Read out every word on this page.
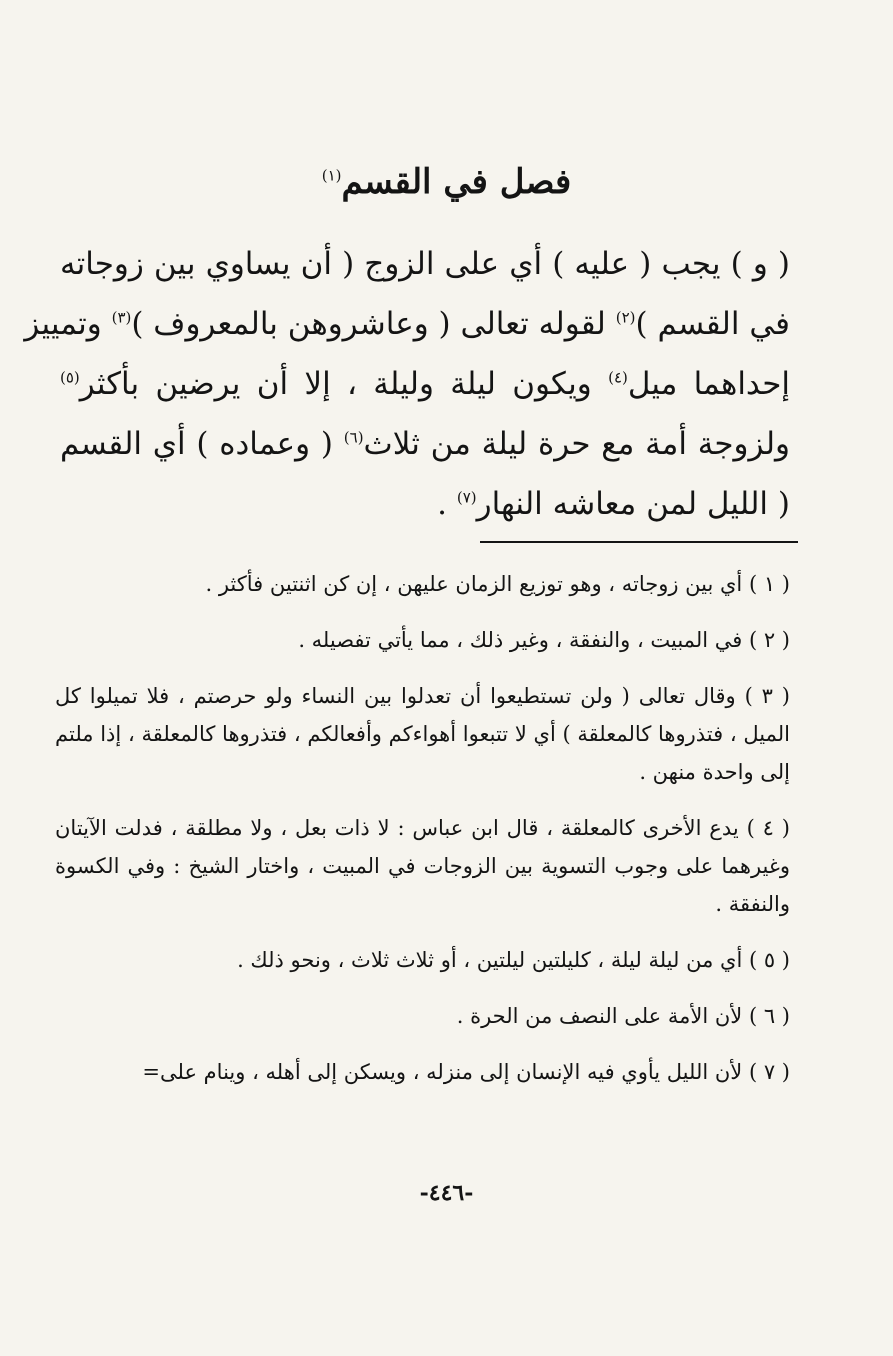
فصل في القسم$^{(١)}$
( و ) يجب ( عليه ) أي على الزوج ( أن يساوي بين زوجاته
في القسم )$^{(٢)}$ لقوله تعالى ( وعاشروهن بالمعروف )$^{(٣)}$ وتمييز
إحداهما ميل$^{(٤)}$ ويكون ليلة وليلة ، إلا أن يرضين بأكثر$^{(٥)}$
ولزوجة أمة مع حرة ليلة من ثلاث$^{(٦)}$ ( وعماده ) أي القسم
( الليل لمن معاشه النهار$^{(٧)}$ .

( ١ ) أي بين زوجاته ، وهو توزيع الزمان عليهن ، إن كن اثنتين فأكثر .

( ٢ ) في المبيت ، والنفقة ، وغير ذلك ، مما يأتي تفصيله .

( ٣ ) وقال تعالى ( ولن تستطيعوا أن تعدلوا بين النساء ولو حرصتم ، فلا تميلوا كل الميل ، فتذروها كالمعلقة ) أي لا تتبعوا أهواءكم وأفعالكم ، فتذروها كالمعلقة ، إذا ملتم إلى واحدة منهن .

( ٤ ) يدع الأخرى كالمعلقة ، قال ابن عباس : لا ذات بعل ، ولا مطلقة ، فدلت الآيتان وغيرهما على وجوب التسوية بين الزوجات في المبيت ، واختار الشيخ : وفي الكسوة والنفقة .

( ٥ ) أي من ليلة ليلة ، كليلتين ليلتين ، أو ثلاث ثلاث ، ونحو ذلك .

( ٦ ) لأن الأمة على النصف من الحرة .

( ٧ ) لأن الليل يأوي فيه الإنسان إلى منزله ، ويسكن إلى أهله ، وينام على=

-٤٤٦-
